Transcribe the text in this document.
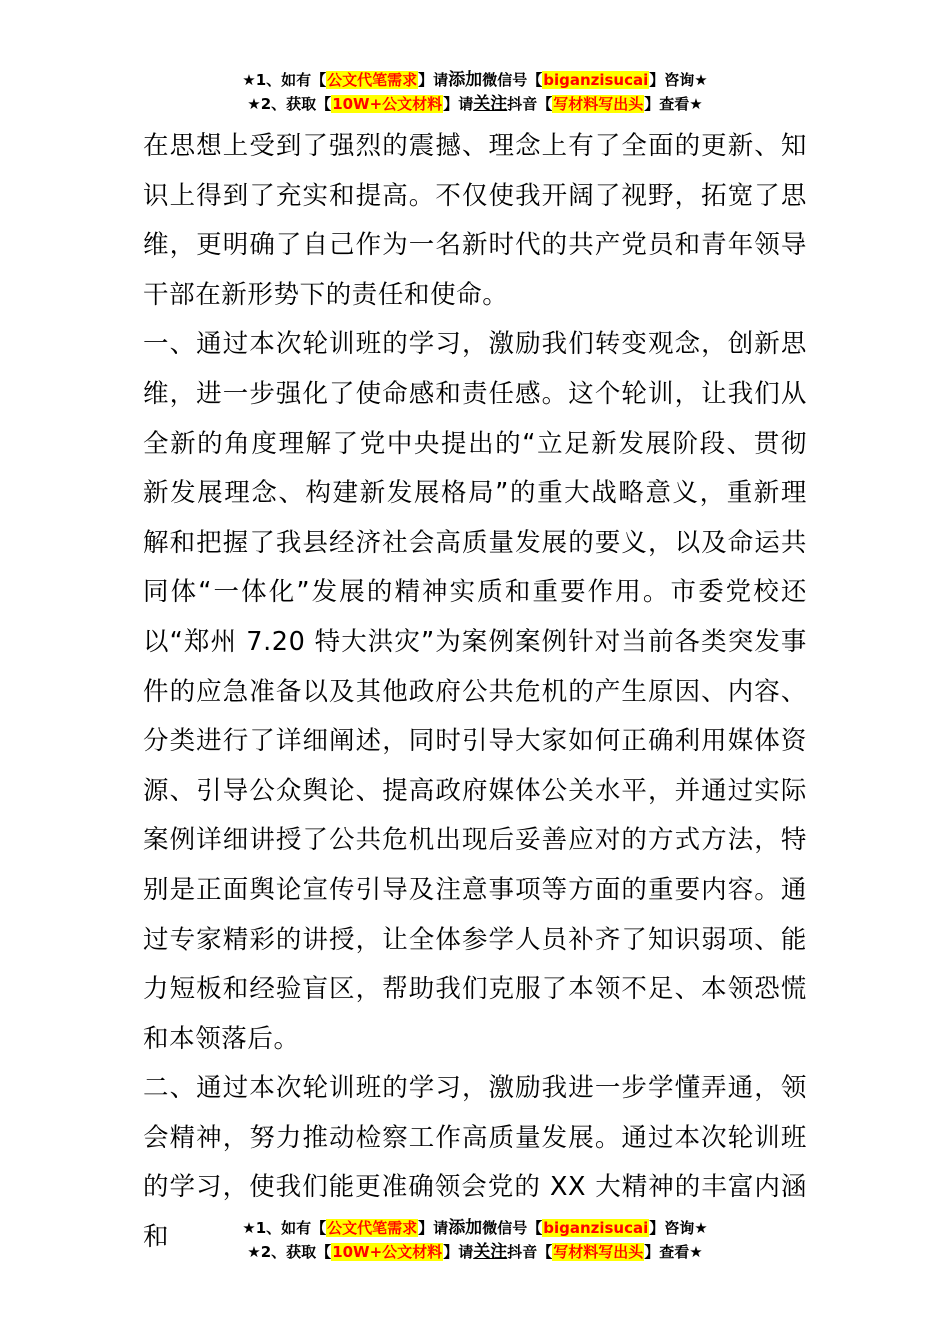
★1、如有【公文代笔需求】请添加微信号【biganzisucai】咨询★
★2、获取【10W+公文材料】请关注抖音【写材料写出头】查看★

在思想上受到了强烈的震撼、理念上有了全面的更新、知识上得到了充实和提高。不仅使我开阔了视野，拓宽了思维，更明确了自己作为一名新时代的共产党员和青年领导干部在新形势下的责任和使命。

一、通过本次轮训班的学习，激励我们转变观念，创新思维，进一步强化了使命感和责任感。这个轮训，让我们从全新的角度理解了党中央提出的“立足新发展阶段、贯彻新发展理念、构建新发展格局”的重大战略意义，重新理解和把握了我县经济社会高质量发展的要义，以及命运共同体“一体化”发展的精神实质和重要作用。市委党校还以“郑州 7.20 特大洪灾”为案例案例针对当前各类突发事件的应急准备以及其他政府公共危机的产生原因、内容、分类进行了详细阐述，同时引导大家如何正确利用媒体资源、引导公众舆论、提高政府媒体公关水平，并通过实际案例详细讲授了公共危机出现后妥善应对的方式方法，特别是正面舆论宣传引导及注意事项等方面的重要内容。通过专家精彩的讲授，让全体参学人员补齐了知识弱项、能力短板和经验盲区，帮助我们克服了本领不足、本领恐慌和本领落后。

二、通过本次轮训班的学习，激励我进一步学懂弄通，领会精神，努力推动检察工作高质量发展。通过本次轮训班的学习，使我们能更准确领会党的 XX 大精神的丰富内涵和	★1、如有【公文代笔需求】请添加微信号【biganzisucai】咨询★
★2、获取【10W+公文材料】请关注抖音【写材料写出头】查看★
